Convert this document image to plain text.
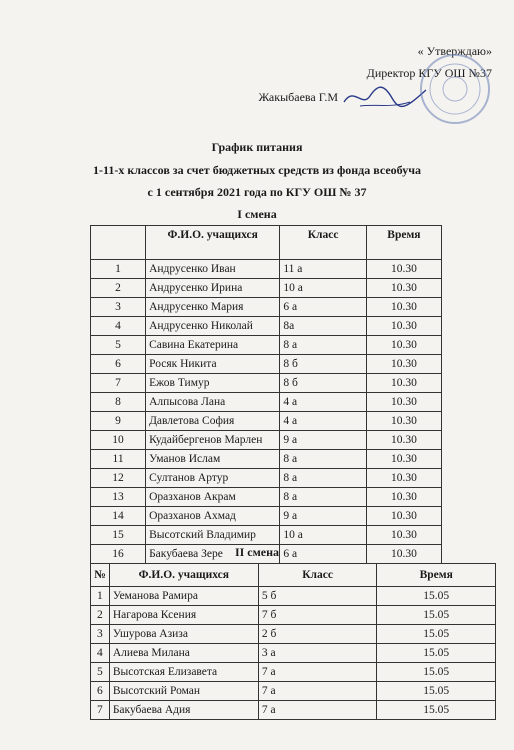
« Утверждаю»
Директор КГУ ОШ №37
Жакыбаева Г.М
График питания
1-11-х классов за счет бюджетных средств из фонда всеобуча
с 1 сентября 2021 года по КГУ ОШ № 37
I смена
	Ф.И.О. учащихся	Класс	Время
1	Андрусенко Иван	11 а	10.30
2	Андрусенко Ирина	10 а	10.30
3	Андрусенко Мария	6 а	10.30
4	Андрусенко Николай	8а	10.30
5	Савина Екатерина	8 а	10.30
6	Росяк Никита	8 б	10.30
7	Ежов Тимур	8 б	10.30
8	Алпысова Лана	4 а	10.30
9	Давлетова София	4 а	10.30
10	Кудайбергенов Марлен	9 а	10.30
11	Уманов Ислам	8 а	10.30
12	Султанов Артур	8 а	10.30
13	Оразханов Акрам	8 а	10.30
14	Оразханов Ахмад	9 а	10.30
15	Высотский Владимир	10 а	10.30
16	Бакубаева Зере	6 а	10.30
II смена
№	Ф.И.О. учащихся	Класс	Время
1	Уеманова Рамира	5 б	15.05
2	Нагарова Ксения	7 б	15.05
3	Ушурова Азиза	2 б	15.05
4	Алиева Милана	3 а	15.05
5	Высотская Елизавета	7 а	15.05
6	Высотский Роман	7 а	15.05
7	Бакубаева Адия	7 а	15.05
